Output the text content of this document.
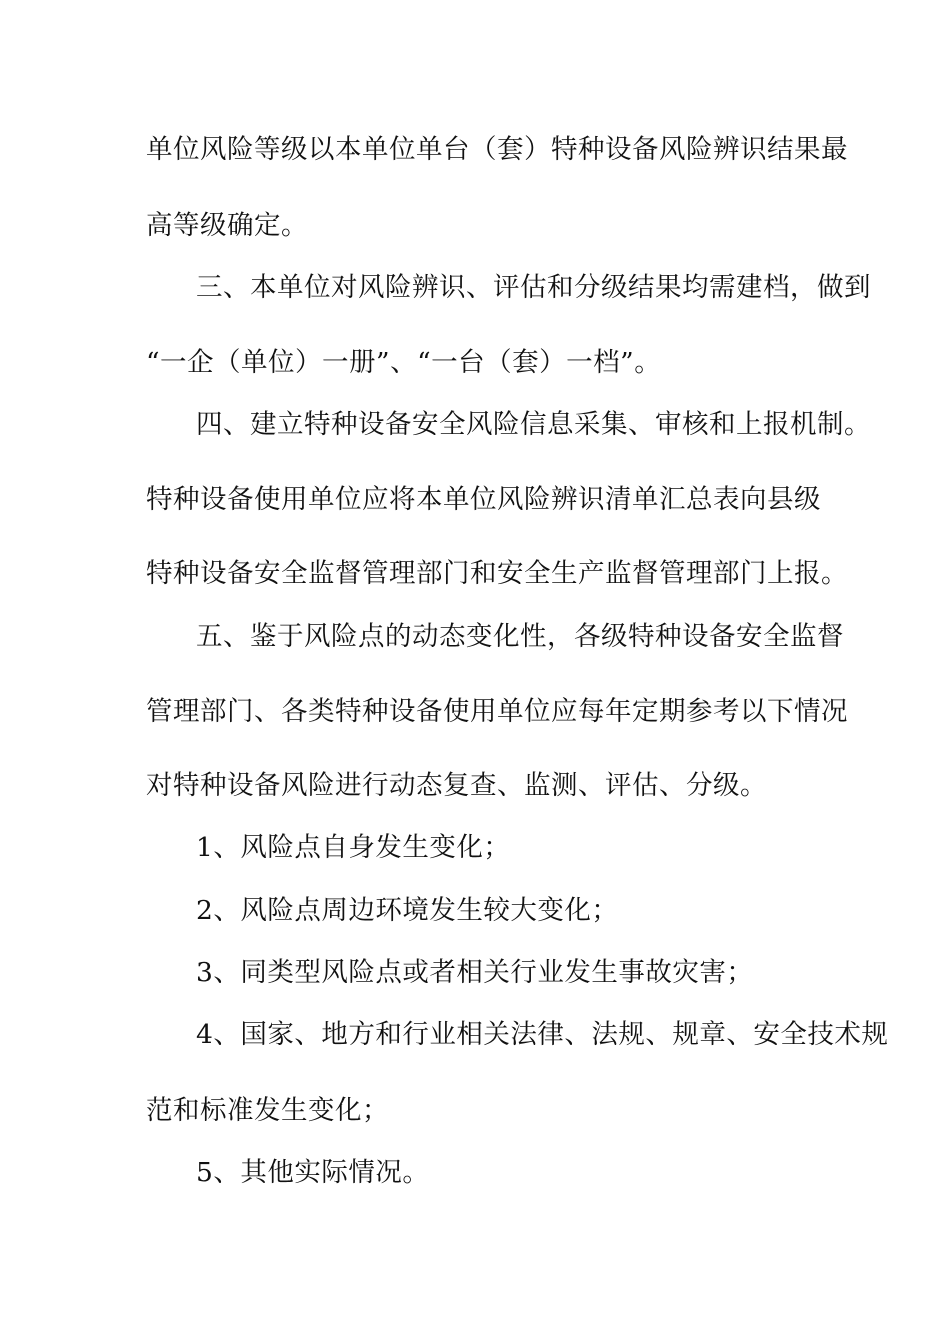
单位风险等级以本单位单台（套）特种设备风险辨识结果最
高等级确定。
三、本单位对风险辨识、评估和分级结果均需建档，做到
“一企（单位）一册”、“一台（套）一档”。
四、建立特种设备安全风险信息采集、审核和上报机制。
特种设备使用单位应将本单位风险辨识清单汇总表向县级
特种设备安全监督管理部门和安全生产监督管理部门上报。
五、鉴于风险点的动态变化性，各级特种设备安全监督
管理部门、各类特种设备使用单位应每年定期参考以下情况
对特种设备风险进行动态复查、监测、评估、分级。
1、风险点自身发生变化；
2、风险点周边环境发生较大变化；
3、同类型风险点或者相关行业发生事故灾害；
4、国家、地方和行业相关法律、法规、规章、安全技术规
范和标准发生变化；
5、其他实际情况。
